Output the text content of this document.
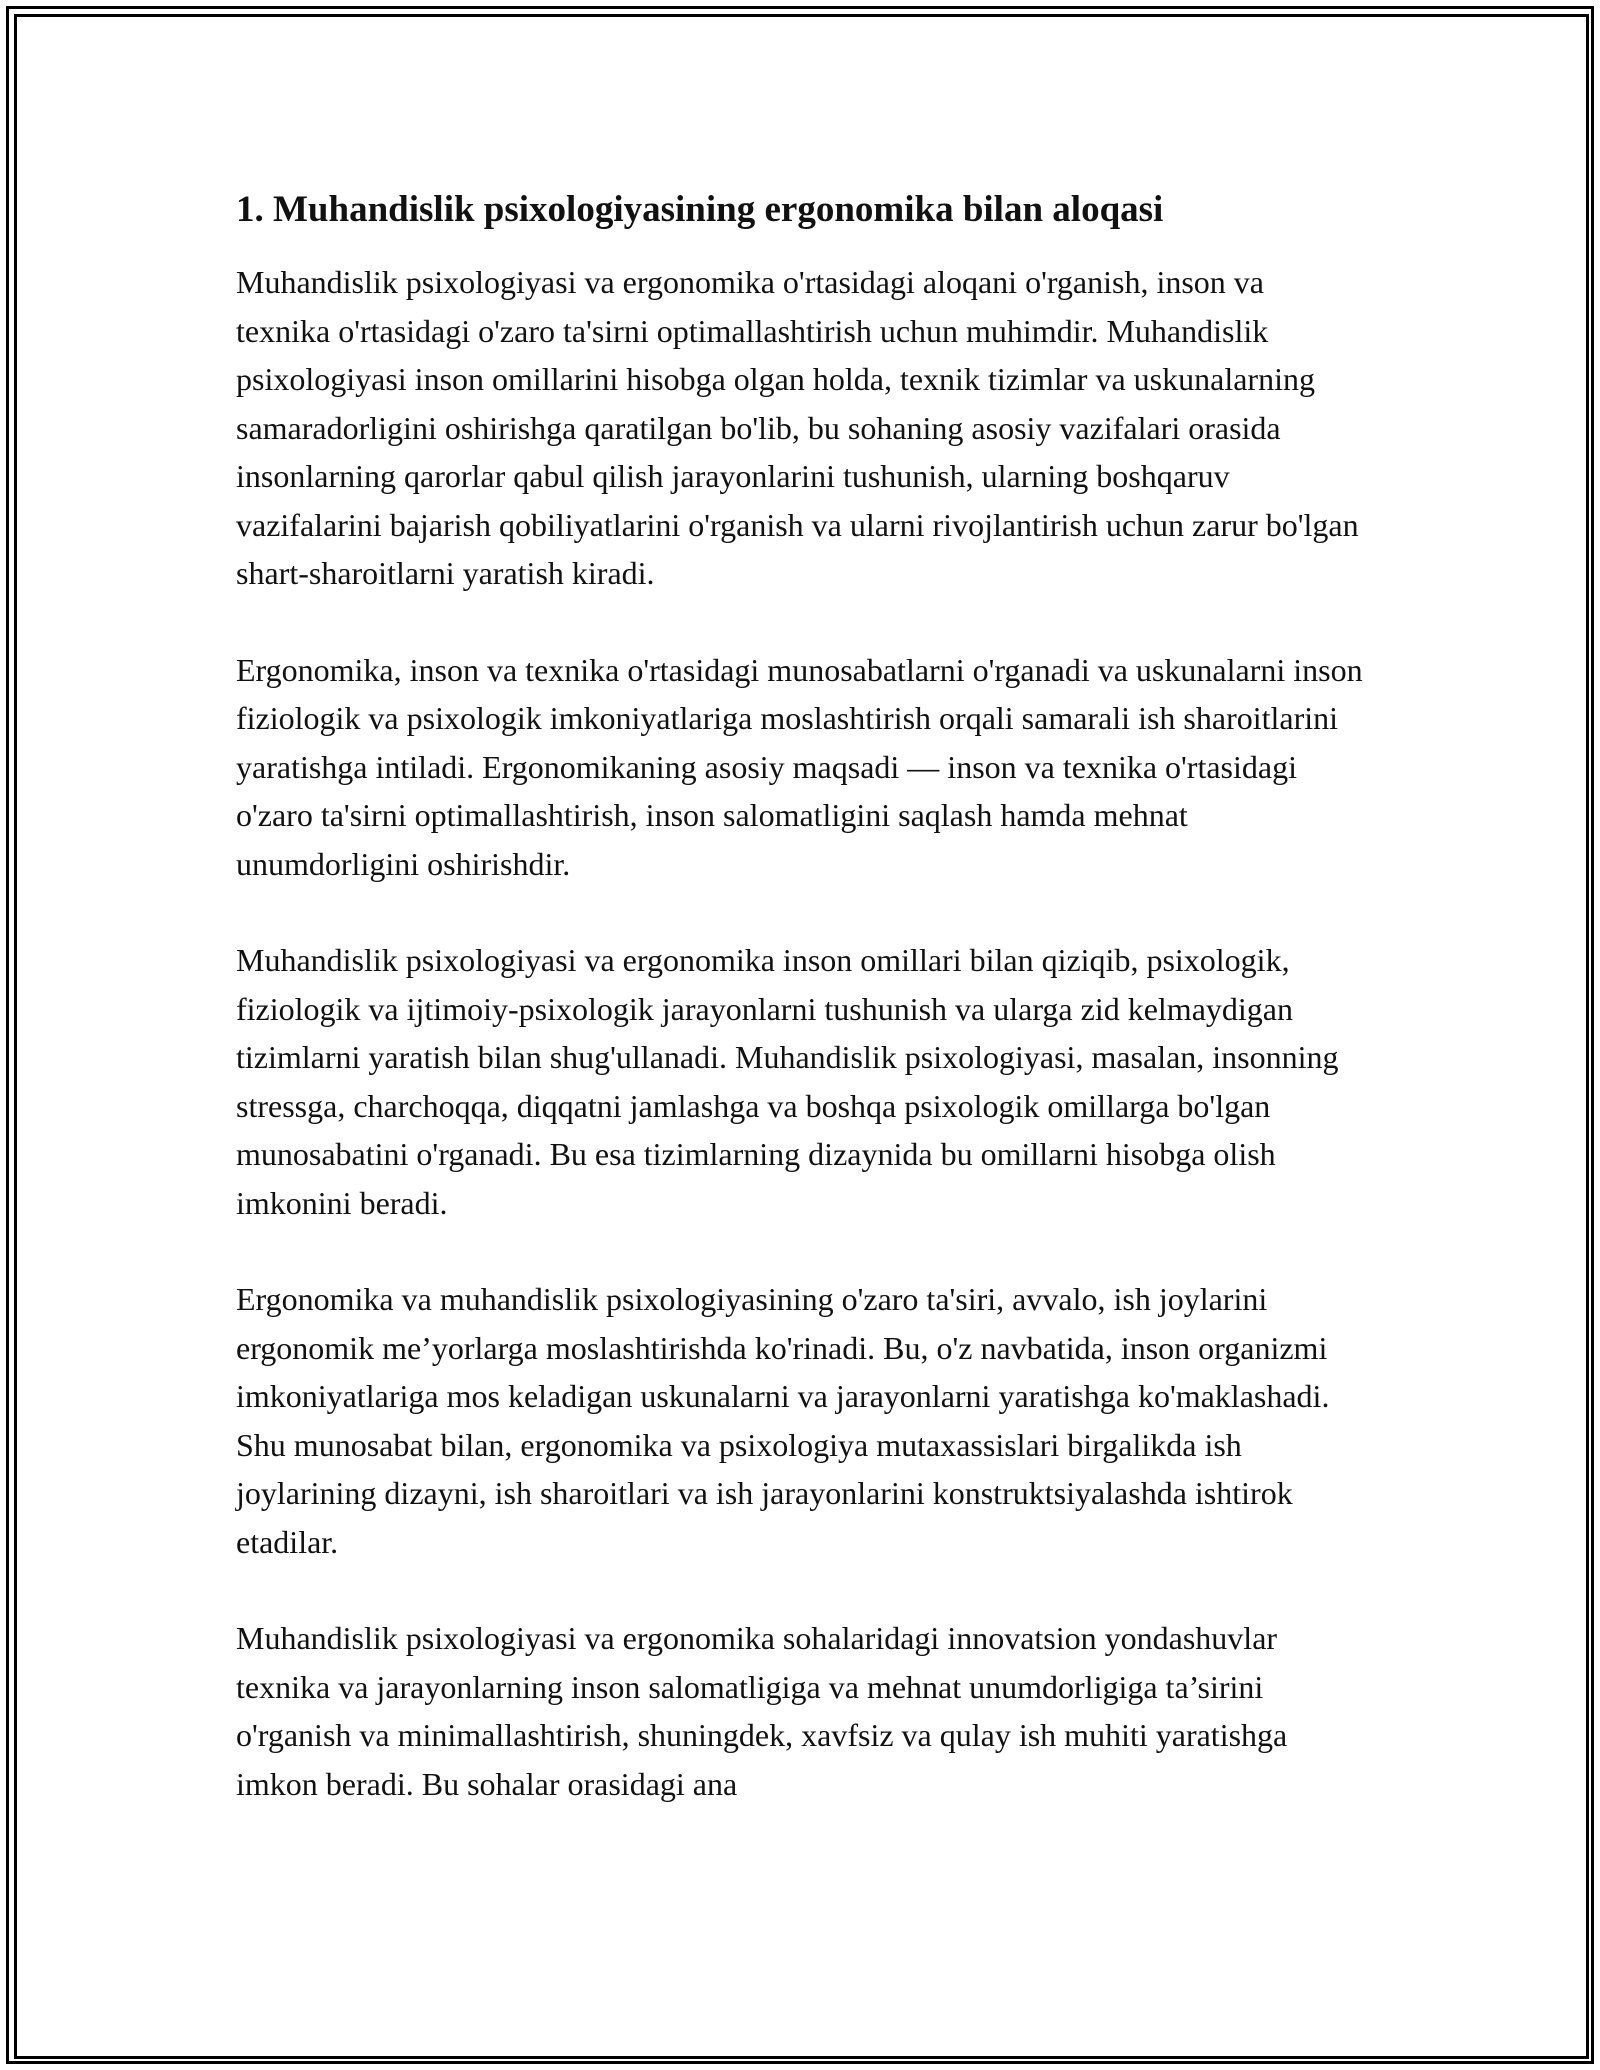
1. Muhandislik psixologiyasining ergonomika bilan aloqasi

Muhandislik psixologiyasi va ergonomika o'rtasidagi aloqani o'rganish, inson va texnika o'rtasidagi o'zaro ta'sirni optimallashtirish uchun muhimdir. Muhandislik psixologiyasi inson omillarini hisobga olgan holda, texnik tizimlar va uskunalarning samaradorligini oshirishga qaratilgan bo'lib, bu sohaning asosiy vazifalari orasida insonlarning qarorlar qabul qilish jarayonlarini tushunish, ularning boshqaruv vazifalarini bajarish qobiliyatlarini o'rganish va ularni rivojlantirish uchun zarur bo'lgan shart-sharoitlarni yaratish kiradi.

Ergonomika, inson va texnika o'rtasidagi munosabatlarni o'rganadi va uskunalarni inson fiziologik va psixologik imkoniyatlariga moslashtirish orqali samarali ish sharoitlarini yaratishga intiladi. Ergonomikaning asosiy maqsadi — inson va texnika o'rtasidagi o'zaro ta'sirni optimallashtirish, inson salomatligini saqlash hamda mehnat unumdorligini oshirishdir.

Muhandislik psixologiyasi va ergonomika inson omillari bilan qiziqib, psixologik, fiziologik va ijtimoiy-psixologik jarayonlarni tushunish va ularga zid kelmaydigan tizimlarni yaratish bilan shug'ullanadi. Muhandislik psixologiyasi, masalan, insonning stressga, charchoqqa, diqqatni jamlashga va boshqa psixologik omillarga bo'lgan munosabatini o'rganadi. Bu esa tizimlarning dizaynida bu omillarni hisobga olish imkonini beradi.

Ergonomika va muhandislik psixologiyasining o'zaro ta'siri, avvalo, ish joylarini ergonomik me’yorlarga moslashtirishda ko'rinadi. Bu, o'z navbatida, inson organizmi imkoniyatlariga mos keladigan uskunalarni va jarayonlarni yaratishga ko'maklashadi. Shu munosabat bilan, ergonomika va psixologiya mutaxassislari birgalikda ish joylarining dizayni, ish sharoitlari va ish jarayonlarini konstruktsiyalashda ishtirok etadilar.

Muhandislik psixologiyasi va ergonomika sohalaridagi innovatsion yondashuvlar texnika va jarayonlarning inson salomatligiga va mehnat unumdorligiga ta’sirini o'rganish va minimallashtirish, shuningdek, xavfsiz va qulay ish muhiti yaratishga imkon beradi. Bu sohalar orasidagi ana
